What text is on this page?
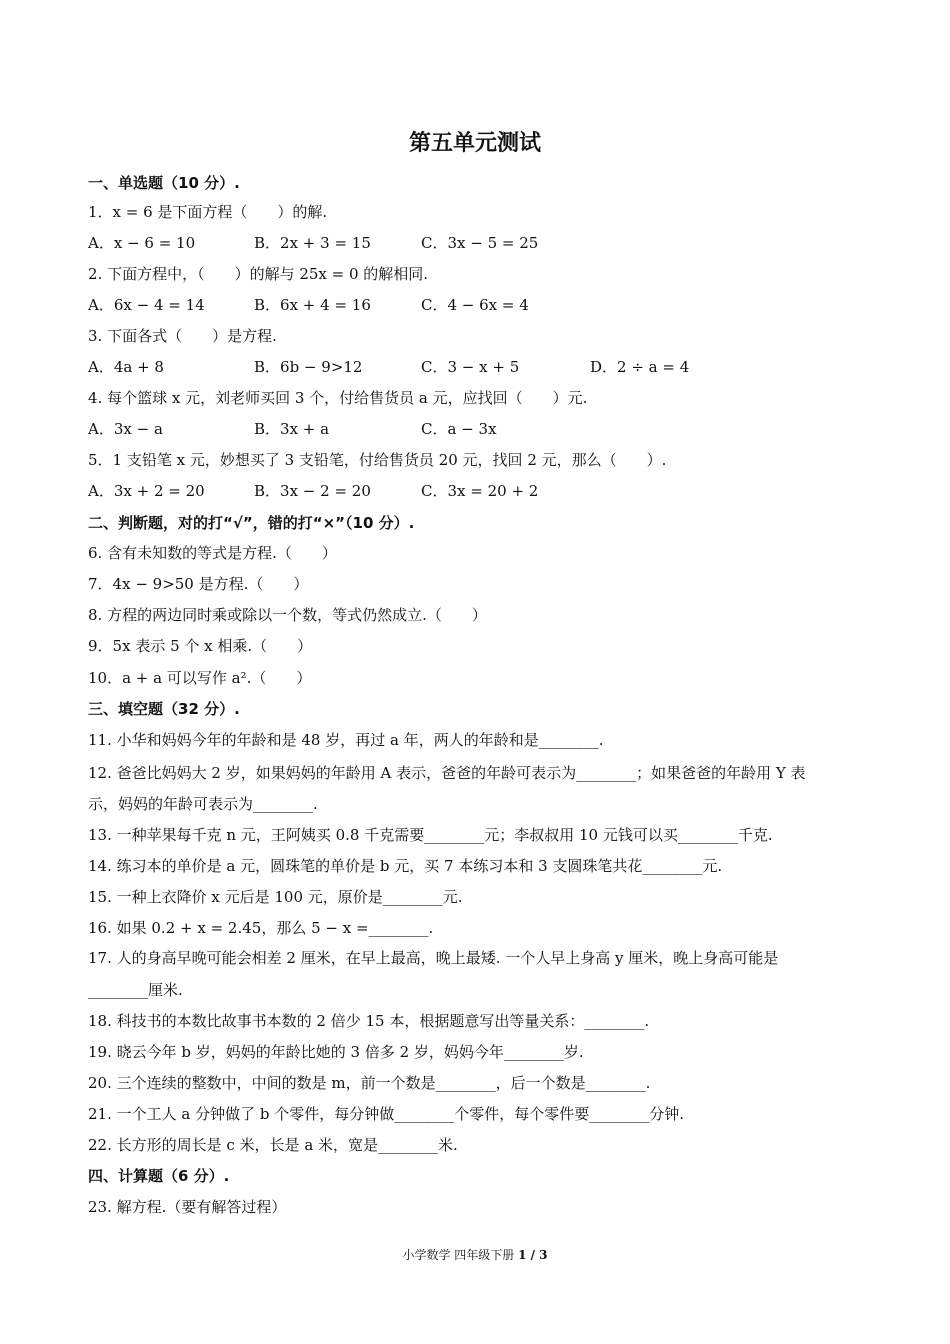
第五单元测试
一、单选题（10 分）.
1．x = 6 是下面方程（　　）的解.
A．x − 6 = 10	B．2x + 3 = 15	C．3x − 5 = 25
2. 下面方程中，（　　）的解与 25x = 0 的解相同.
A．6x − 4 = 14	B．6x + 4 = 16	C．4 − 6x = 4
3. 下面各式（　　）是方程.
A．4a + 8	B．6b − 9>12	C．3 − x + 5	D．2 ÷ a = 4
4. 每个篮球 x 元，刘老师买回 3 个，付给售货员 a 元，应找回（　　）元.
A．3x − a	B．3x + a	C．a − 3x
5．1 支铅笔 x 元，妙想买了 3 支铅笔，付给售货员 20 元，找回 2 元，那么（　　）.
A．3x + 2 = 20	B．3x − 2 = 20	C．3x = 20 + 2
二、判断题，对的打“√”，错的打“×”（10 分）.
6. 含有未知数的等式是方程.（　　）
7．4x − 9>50 是方程.（　　）
8. 方程的两边同时乘或除以一个数，等式仍然成立.（　　）
9．5x 表示 5 个 x 相乘.（　　）
10．a + a 可以写作 a².（　　）
三、填空题（32 分）.
11. 小华和妈妈今年的年龄和是 48 岁，再过 a 年，两人的年龄和是________.
12. 爸爸比妈妈大 2 岁，如果妈妈的年龄用 A 表示，爸爸的年龄可表示为________；如果爸爸的年龄用 Y 表
示，妈妈的年龄可表示为________.
13. 一种苹果每千克 n 元，王阿姨买 0.8 千克需要________元；李叔叔用 10 元钱可以买________千克.
14. 练习本的单价是 a 元，圆珠笔的单价是 b 元，买 7 本练习本和 3 支圆珠笔共花________元.
15. 一种上衣降价 x 元后是 100 元，原价是________元.
16. 如果 0.2 + x = 2.45，那么 5 − x =________.
17. 人的身高早晚可能会相差 2 厘米，在早上最高，晚上最矮. 一个人早上身高 y 厘米，晚上身高可能是
________厘米.
18. 科技书的本数比故事书本数的 2 倍少 15 本，根据题意写出等量关系：________.
19. 晓云今年 b 岁，妈妈的年龄比她的 3 倍多 2 岁，妈妈今年________岁.
20. 三个连续的整数中，中间的数是 m，前一个数是________，后一个数是________.
21. 一个工人 a 分钟做了 b 个零件，每分钟做________个零件，每个零件要________分钟.
22. 长方形的周长是 c 米，长是 a 米，宽是________米.
四、计算题（6 分）.
23. 解方程.（要有解答过程）
小学数学 四年级下册 1 / 3
